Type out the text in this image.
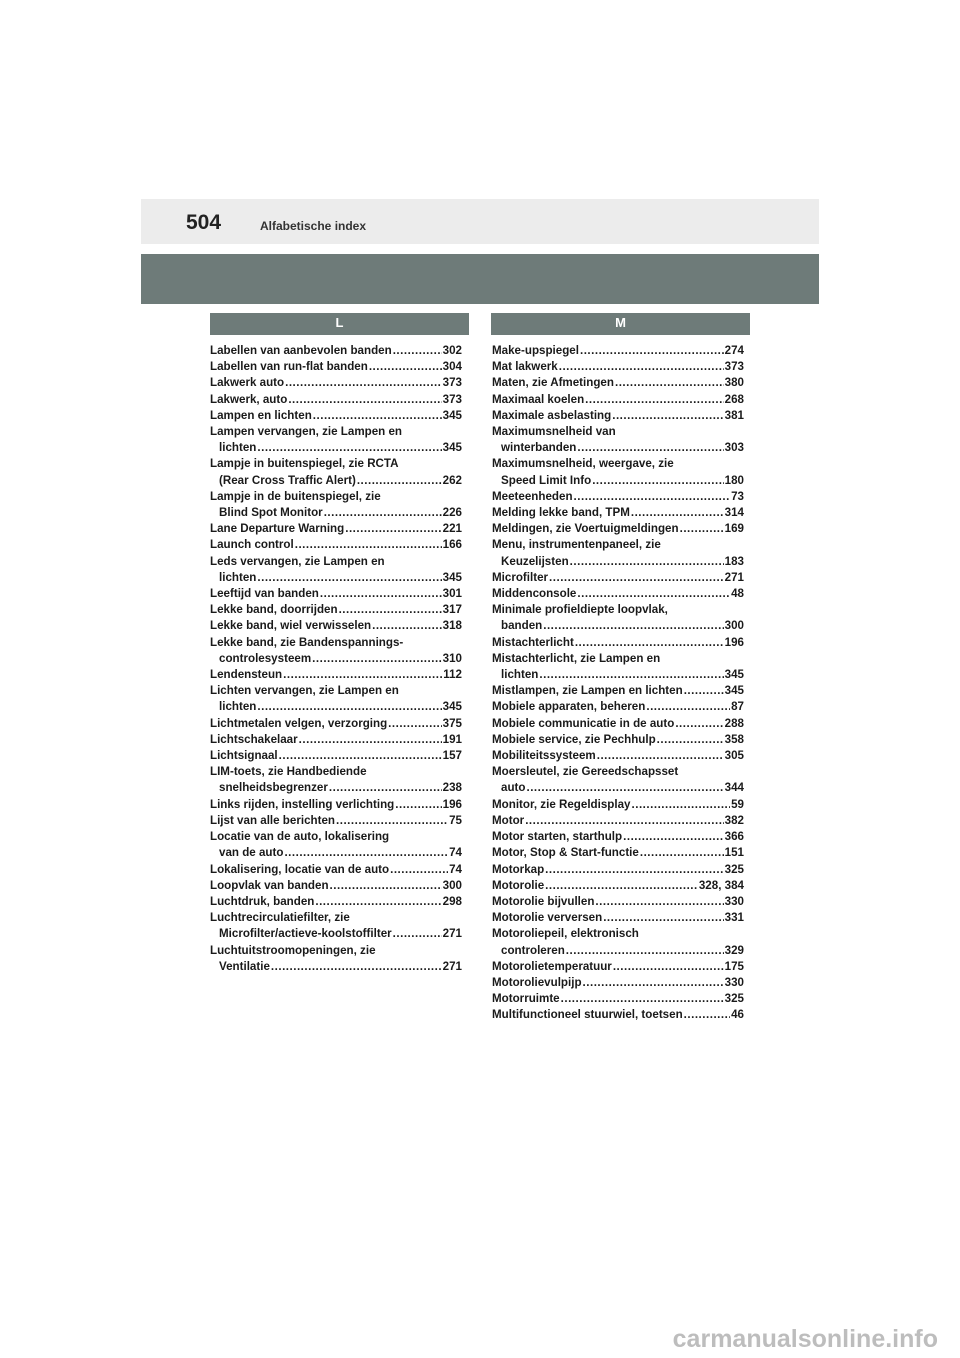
504	Alfabetische index
L	M
Labellen van aanbevolen banden .....	302
Labellen van run-flat banden .....	304
Lakwerk auto .....	373
Lakwerk, auto .....	373
Lampen en lichten .....	345
Lampen vervangen, zie Lampen en
lichten .....	345
Lampje in buitenspiegel, zie RCTA
(Rear Cross Traffic Alert) .....	262
Lampje in de buitenspiegel, zie
Blind Spot Monitor .....	226
Lane Departure Warning .....	221
Launch control .....	166
Leds vervangen, zie Lampen en
lichten .....	345
Leeftijd van banden .....	301
Lekke band, doorrijden .....	317
Lekke band, wiel verwisselen .....	318
Lekke band, zie Bandenspannings-
controlesysteem .....	310
Lendensteun .....	112
Lichten vervangen, zie Lampen en
lichten .....	345
Lichtmetalen velgen, verzorging .....	375
Lichtschakelaar .....	191
Lichtsignaal .....	157
LIM-toets, zie Handbediende
snelheidsbegrenzer .....	238
Links rijden, instelling verlichting .....	196
Lijst van alle berichten .....	75
Locatie van de auto, lokalisering
van de auto .....	74
Lokalisering, locatie van de auto .....	74
Loopvlak van banden .....	300
Luchtdruk, banden .....	298
Luchtrecirculatiefilter, zie
Microfilter/actieve-koolstoffilter .....	271
Luchtuitstroomopeningen, zie
Ventilatie .....	271
Make-upspiegel .....	274
Mat lakwerk .....	373
Maten, zie Afmetingen .....	380
Maximaal koelen .....	268
Maximale asbelasting .....	381
Maximumsnelheid van
winterbanden .....	303
Maximumsnelheid, weergave, zie
Speed Limit Info .....	180
Meeteenheden .....	73
Melding lekke band, TPM .....	314
Meldingen, zie Voertuigmeldingen .....	169
Menu, instrumentenpaneel, zie
Keuzelijsten .....	183
Microfilter .....	271
Middenconsole .....	48
Minimale profieldiepte loopvlak,
banden .....	300
Mistachterlicht .....	196
Mistachterlicht, zie Lampen en
lichten .....	345
Mistlampen, zie Lampen en lichten .....	345
Mobiele apparaten, beheren .....	87
Mobiele communicatie in de auto .....	288
Mobiele service, zie Pechhulp .....	358
Mobiliteitssysteem .....	305
Moersleutel, zie Gereedschapsset
auto .....	344
Monitor, zie Regeldisplay .....	59
Motor .....	382
Motor starten, starthulp .....	366
Motor, Stop & Start-functie .....	151
Motorkap .....	325
Motorolie .....	328, 384
Motorolie bijvullen .....	330
Motorolie verversen .....	331
Motoroliepeil, elektronisch
controleren .....	329
Motorolietemperatuur .....	175
Motorolievulpijp .....	330
Motorruimte .....	325
Multifunctioneel stuurwiel, toetsen .....	46
carmanualsonline.info
